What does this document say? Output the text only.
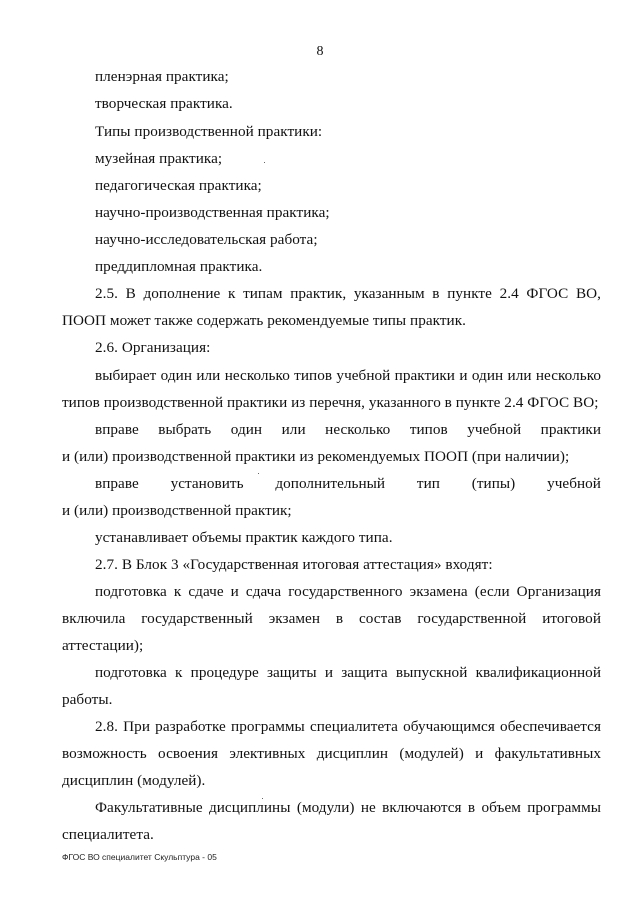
8
пленэрная практика;
творческая практика.
Типы производственной практики:
музейная практика;
педагогическая практика;
научно-производственная практика;
научно-исследовательская работа;
преддипломная практика.
2.5. В дополнение к типам практик, указанным в пункте 2.4 ФГОС ВО,
ПООП может также содержать рекомендуемые типы практик.
2.6. Организация:
выбирает один или несколько типов учебной практики и один или несколько
типов производственной практики из перечня, указанного в пункте 2.4 ФГОС ВО;
вправе выбрать один или несколько типов учебной практики
и (или) производственной практики из рекомендуемых ПООП (при наличии);
вправе установить дополнительный тип (типы) учебной
и (или) производственной практик;
устанавливает объемы практик каждого типа.
2.7. В Блок 3 «Государственная итоговая аттестация» входят:
подготовка к сдаче и сдача государственного экзамена (если Организация
включила государственный экзамен в состав государственной итоговой
аттестации);
подготовка к процедуре защиты и защита выпускной квалификационной
работы.
2.8. При разработке программы специалитета обучающимся обеспечивается
возможность освоения элективных дисциплин (модулей) и факультативных
дисциплин (модулей).
Факультативные дисциплины (модули) не включаются в объем программы
специалитета.
ФГОС ВО специалитет Скульптура - 05
